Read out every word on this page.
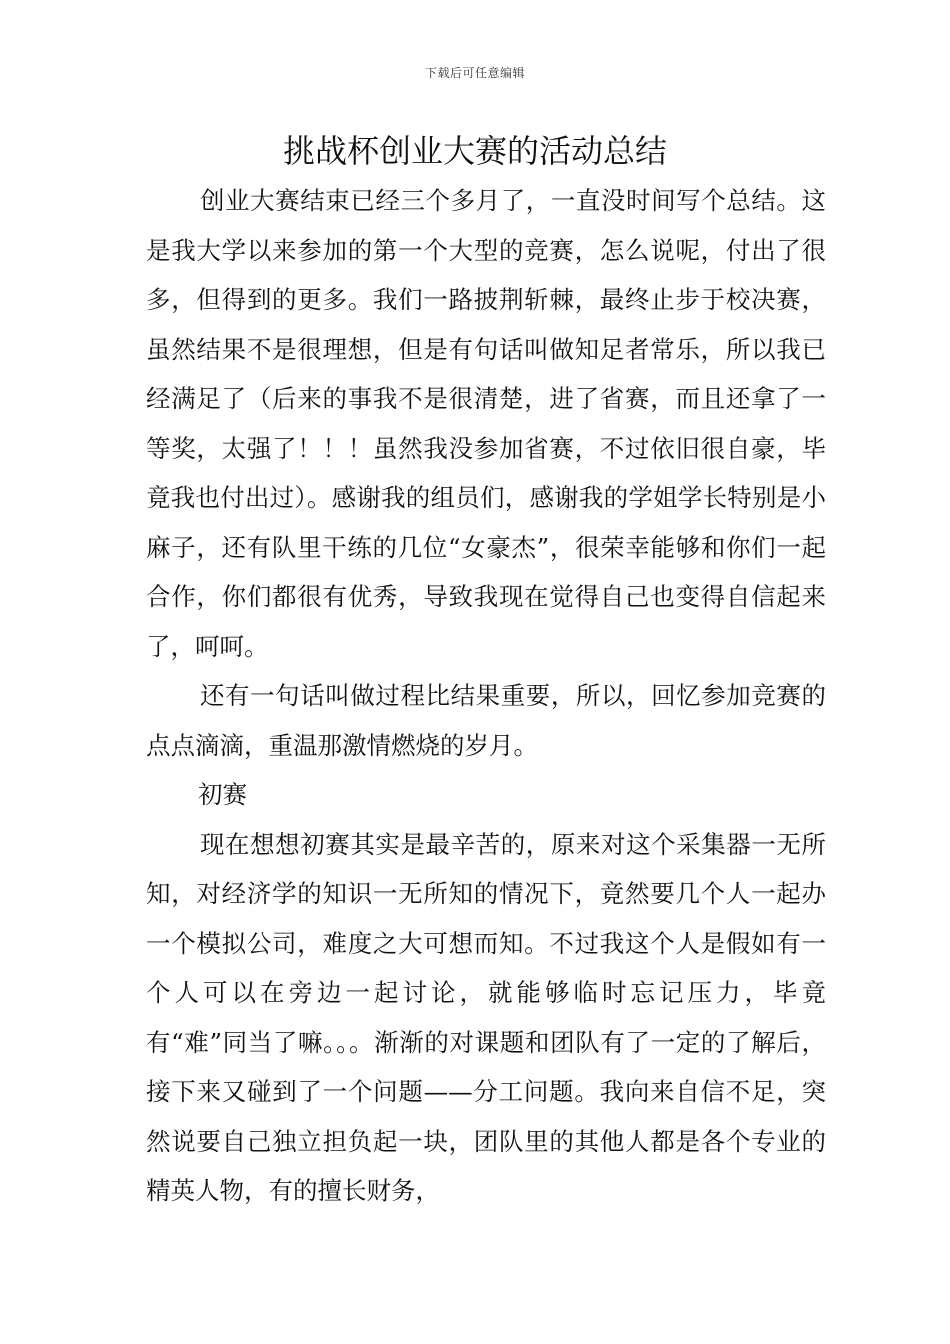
下载后可任意编辑
挑战杯创业大赛的活动总结

创业大赛结束已经三个多月了，一直没时间写个总结。这是我大学以来参加的第一个大型的竞赛，怎么说呢，付出了很多，但得到的更多。我们一路披荆斩棘，最终止步于校决赛，虽然结果不是很理想，但是有句话叫做知足者常乐，所以我已经满足了（后来的事我不是很清楚，进了省赛，而且还拿了一等奖，太强了！！！虽然我没参加省赛，不过依旧很自豪，毕竟我也付出过）。感谢我的组员们，感谢我的学姐学长特别是小麻子，还有队里干练的几位“女豪杰”，很荣幸能够和你们一起合作，你们都很有优秀，导致我现在觉得自己也变得自信起来了，呵呵。

还有一句话叫做过程比结果重要，所以，回忆参加竞赛的点点滴滴，重温那激情燃烧的岁月。

初赛

现在想想初赛其实是最辛苦的，原来对这个采集器一无所知，对经济学的知识一无所知的情况下，竟然要几个人一起办一个模拟公司，难度之大可想而知。不过我这个人是假如有一个人可以在旁边一起讨论，就能够临时忘记压力，毕竟有“难”同当了嘛。。。渐渐的对课题和团队有了一定的了解后，接下来又碰到了一个问题——分工问题。我向来自信不足，突然说要自己独立担负起一块，团队里的其他人都是各个专业的精英人物，有的擅长财务，
